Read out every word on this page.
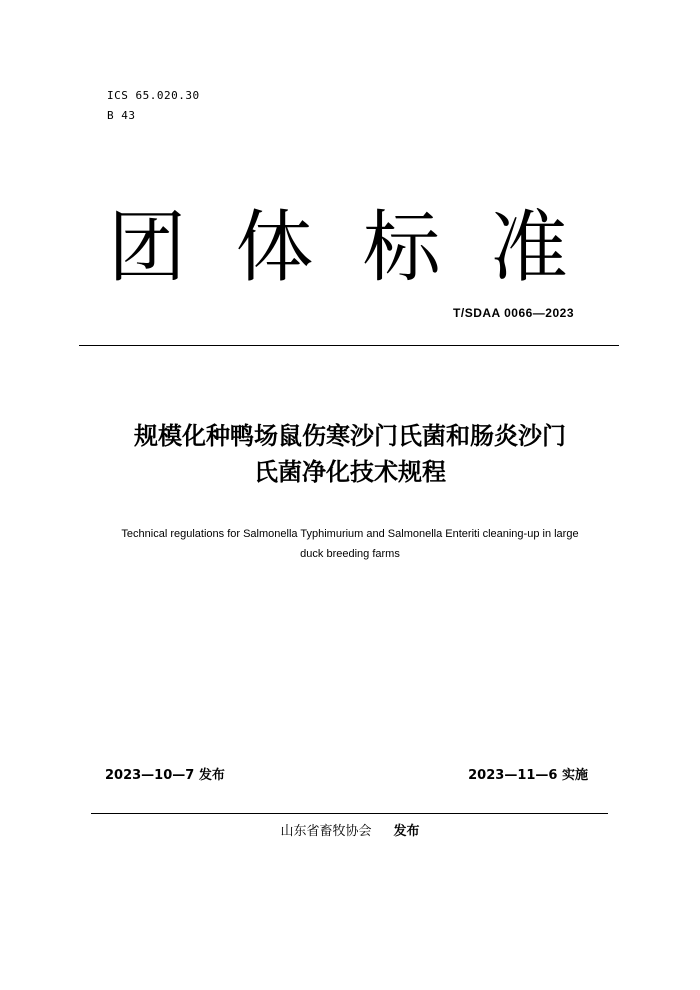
ICS 65.020.30
B 43
团 体 标 准
T/SDAA 0066—2023
规模化种鸭场鼠伤寒沙门氏菌和肠炎沙门
氏菌净化技术规程
Technical regulations for Salmonella Typhimurium and Salmonella Enteriti cleaning-up in large
duck breeding farms
2023—10—7 发布	2023—11—6 实施
山东省畜牧协会 发布
